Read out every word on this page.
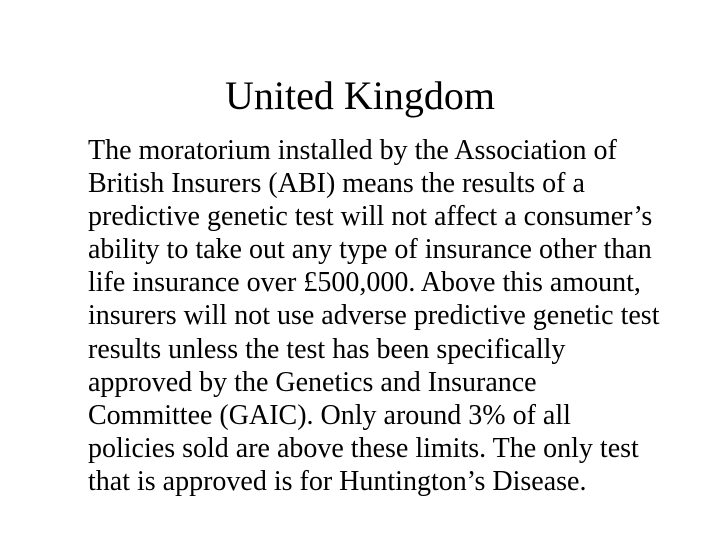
United Kingdom

The moratorium installed by the Association of
British Insurers (ABI) means the results of a
predictive genetic test will not affect a consumer’s
ability to take out any type of insurance other than
life insurance over £500,000. Above this amount,
insurers will not use adverse predictive genetic test
results unless the test has been specifically
approved by the Genetics and Insurance
Committee (GAIC). Only around 3% of all
policies sold are above these limits. The only test
that is approved is for Huntington’s Disease.
